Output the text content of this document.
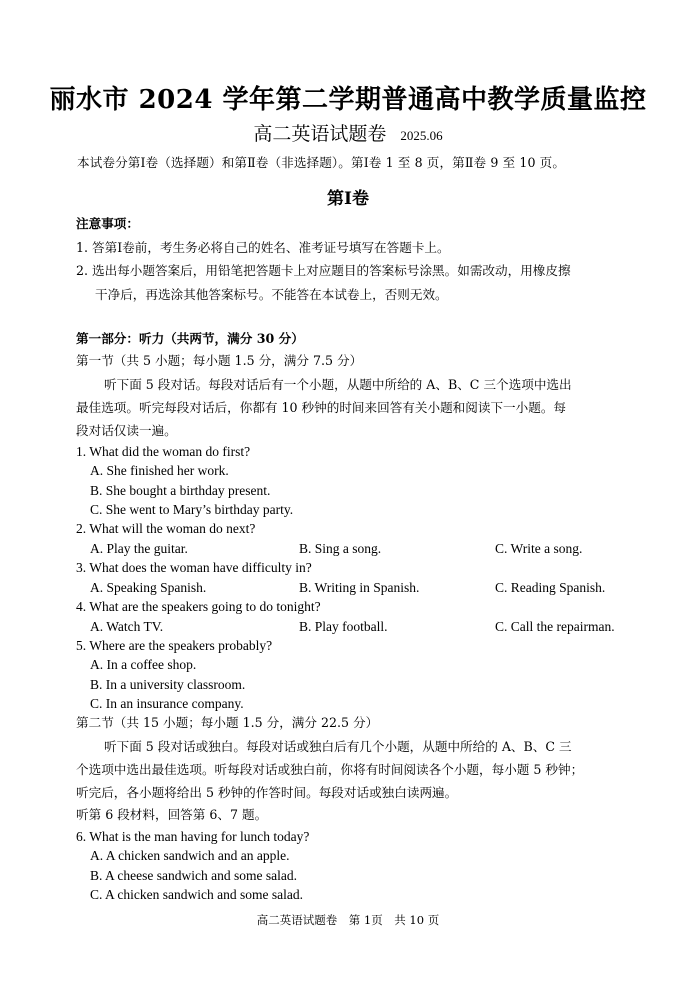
丽水市 2024 学年第二学期普通高中教学质量监控
高二英语试题卷 2025.06
本试卷分第Ⅰ卷（选择题）和第Ⅱ卷（非选择题）。第Ⅰ卷 1 至 8 页，第Ⅱ卷 9 至 10 页。
第Ⅰ卷
注意事项：
1. 答第Ⅰ卷前，考生务必将自己的姓名、准考证号填写在答题卡上。
2. 选出每小题答案后，用铅笔把答题卡上对应题目的答案标号涂黑。如需改动，用橡皮擦
干净后，再选涂其他答案标号。不能答在本试卷上，否则无效。
第一部分：听力（共两节，满分 30 分）
第一节（共 5 小题；每小题 1.5 分，满分 7.5 分）
听下面 5 段对话。每段对话后有一个小题，从题中所给的 A、B、C 三个选项中选出
最佳选项。听完每段对话后，你都有 10 秒钟的时间来回答有关小题和阅读下一小题。每
段对话仅读一遍。
1. What did the woman do first?
A. She finished her work.
B. She bought a birthday present.
C. She went to Mary’s birthday party.
2. What will the woman do next?
A. Play the guitar.	B. Sing a song.	C. Write a song.
3. What does the woman have difficulty in?
A. Speaking Spanish.	B. Writing in Spanish.	C. Reading Spanish.
4. What are the speakers going to do tonight?
A. Watch TV.	B. Play football.	C. Call the repairman.
5. Where are the speakers probably?
A. In a coffee shop.
B. In a university classroom.
C. In an insurance company.
第二节（共 15 小题；每小题 1.5 分，满分 22.5 分）
听下面 5 段对话或独白。每段对话或独白后有几个小题，从题中所给的 A、B、C 三
个选项中选出最佳选项。听每段对话或独白前，你将有时间阅读各个小题，每小题 5 秒钟；
听完后，各小题将给出 5 秒钟的作答时间。每段对话或独白读两遍。
听第 6 段材料，回答第 6、7 题。
6. What is the man having for lunch today?
A. A chicken sandwich and an apple.
B. A cheese sandwich and some salad.
C. A chicken sandwich and some salad.
高二英语试题卷　第 1页　共 10 页
